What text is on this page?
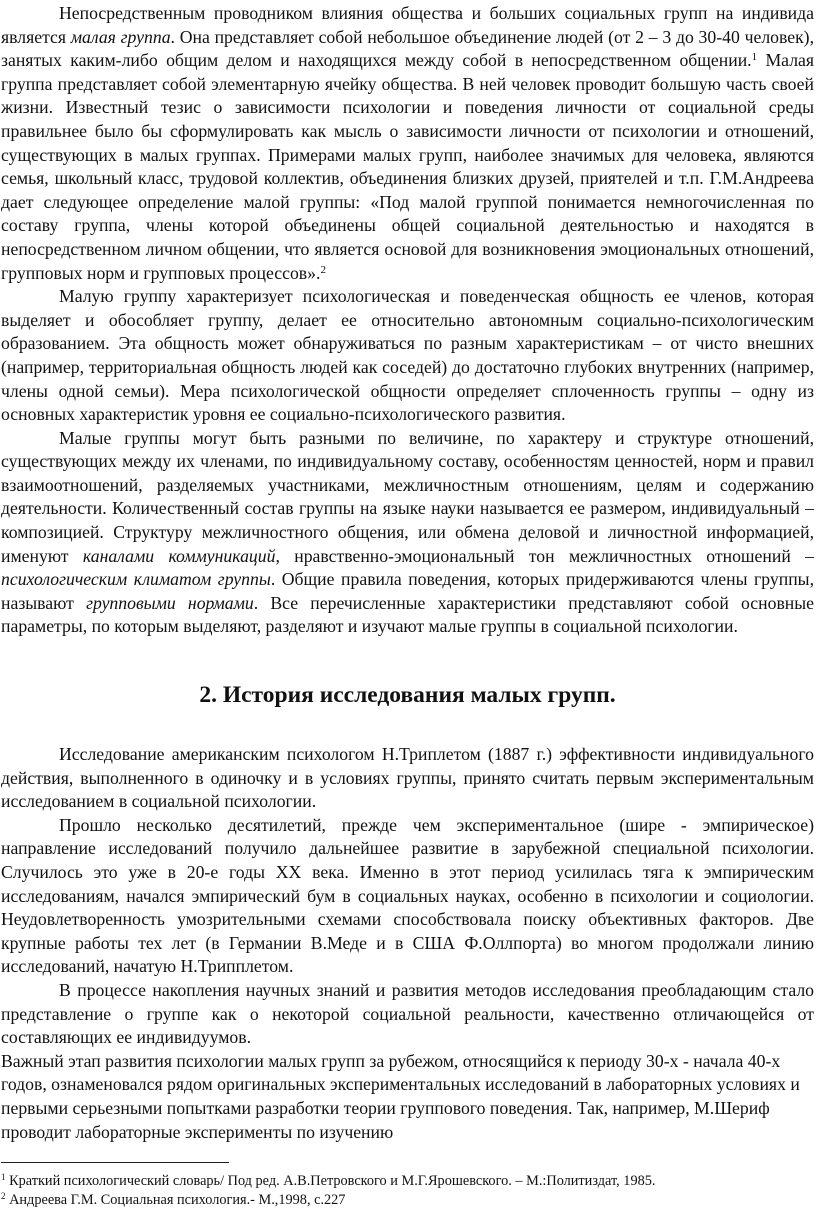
Непосредственным проводником влияния общества и больших социальных групп на индивида является малая группа. Она представляет собой небольшое объединение людей (от 2 – 3 до 30-40 человек), занятых каким-либо общим делом и находящихся между собой в непосредственном общении.$^1$ Малая группа представляет собой элементарную ячейку общества. В ней человек проводит большую часть своей жизни. Известный тезис о зависимости психологии и поведения личности от социальной среды правильнее было бы сформулировать как мысль о зависимости личности от психологии и отношений, существующих в малых группах. Примерами малых групп, наиболее значимых для человека, являются семья, школьный класс, трудовой коллектив, объединения близких друзей, приятелей и т.п. Г.М.Андреева дает следующее определение малой группы: «Под малой группой понимается немногочисленная по составу группа, члены которой объединены общей социальной деятельностью и находятся в непосредственном личном общении, что является основой для возникновения эмоциональных отношений, групповых норм и групповых процессов».$^2$

Малую группу характеризует психологическая и поведенческая общность ее членов, которая выделяет и обособляет группу, делает ее относительно автономным социально-психологическим образованием. Эта общность может обнаруживаться по разным характеристикам – от чисто внешних (например, территориальная общность людей как соседей) до достаточно глубоких внутренних (например, члены одной семьи). Мера психологической общности определяет сплоченность группы – одну из основных характеристик уровня ее социально-психологического развития.

Малые группы могут быть разными по величине, по характеру и структуре отношений, существующих между их членами, по индивидуальному составу, особенностям ценностей, норм и правил взаимоотношений, разделяемых участниками, межличностным отношениям, целям и содержанию деятельности. Количественный состав группы на языке науки называется ее размером, индивидуальный – композицией. Структуру межличностного общения, или обмена деловой и личностной информацией, именуют каналами коммуникаций, нравственно-эмоциональный тон межличностных отношений – психологическим климатом группы. Общие правила поведения, которых придерживаются члены группы, называют групповыми нормами. Все перечисленные характеристики представляют собой основные параметры, по которым выделяют, разделяют и изучают малые группы в социальной психологии.

2. История исследования малых групп.

Исследование американским психологом Н.Триплетом (1887 г.) эффективности индивидуального действия, выполненного в одиночку и в условиях группы, принято считать первым экспериментальным исследованием в социальной психологии.

Прошло несколько десятилетий, прежде чем экспериментальное (шире - эмпирическое) направление исследований получило дальнейшее развитие в зарубежной специальной психологии. Случилось это уже в 20-е годы ХХ века. Именно в этот период усилилась тяга к эмпирическим исследованиям, начался эмпирический бум в социальных науках, особенно в психологии и социологии. Неудовлетворенность умозрительными схемами способствовала поиску объективных факторов. Две крупные работы тех лет (в Германии В.Меде и в США Ф.Оллпорта) во многом продолжали линию исследований, начатую Н.Трипплетом.

В процессе накопления научных знаний и развития методов исследования преобладающим стало представление о группе как о некоторой социальной реальности, качественно отличающейся от составляющих ее индивидуумов.

Важный этап развития психологии малых групп за рубежом, относящийся к периоду 30-х - начала 40-х годов, ознаменовался рядом оригинальных экспериментальных исследований в лабораторных условиях и первыми серьезными попытками разработки теории группового поведения. Так, например, М.Шериф проводит лабораторные эксперименты по изучению

$^1$ Краткий психологический словарь/ Под ред. А.В.Петровского и М.Г.Ярошевского. – М.:Политиздат, 1985.

$^2$ Андреева Г.М. Социальная психология.- М.,1998, с.227
